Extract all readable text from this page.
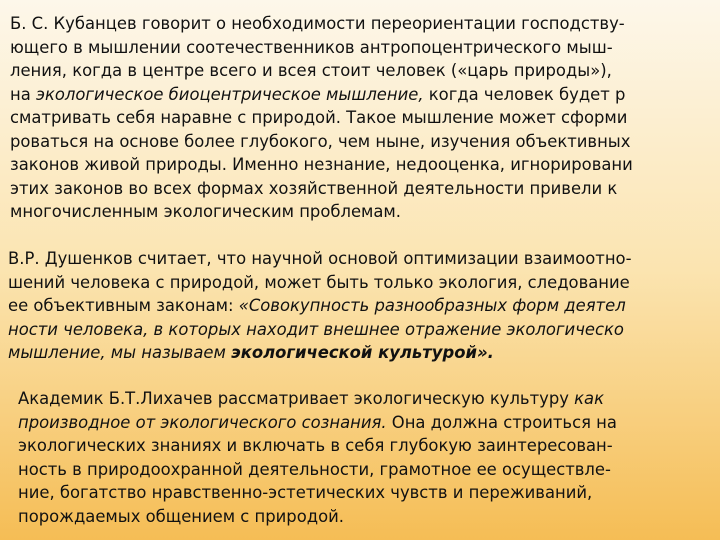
Б. С. Кубанцев говорит о необходимости переориентации господству-
ющего в мышлении соотечественников антропоцентрического мыш-
ления, когда в центре всего и всея стоит человек («царь природы»),
на экологическое биоцентрическое мышление, когда человек будет р
сматривать себя наравне с природой. Такое мышление может сформи
роваться на основе более глубокого, чем ныне, изучения объективных
законов живой природы. Именно незнание, недооценка, игнорировани
этих законов во всех формах хозяйственной деятельности привели к
многочисленным экологическим проблемам.
В.Р. Душенков считает, что научной основой оптимизации взаимоотно-
шений человека с природой, может быть только экология, следование
ее объективным законам: «Совокупность разнообразных форм деятел
ности человека, в которых находит внешнее отражение экологическо
мышление, мы называем экологической культурой».
Академик Б.Т.Лихачев рассматривает экологическую культуру как
производное от экологического сознания. Она должна строиться на
экологических знаниях и включать в себя глубокую заинтересован-
ность в природоохранной деятельности, грамотное ее осуществле-
ние, богатство нравственно-эстетических чувств и переживаний,
порождаемых общением с природой.
